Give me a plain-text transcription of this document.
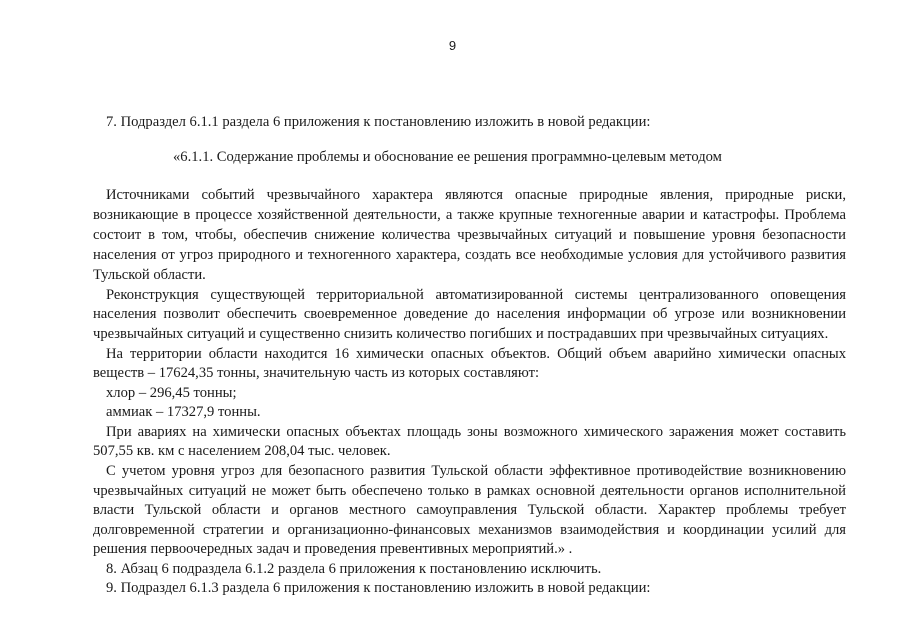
9
7. Подраздел 6.1.1 раздела 6 приложения к постановлению изложить в новой редакции:
«6.1.1. Содержание проблемы и обоснование ее решения программно-целевым методом
Источниками событий чрезвычайного характера являются опасные природные явления, природные риски,
возникающие в процессе хозяйственной деятельности, а также крупные техногенные аварии и катастрофы. Проблема
состоит в том, чтобы, обеспечив снижение количества чрезвычайных ситуаций и повышение уровня безопасности
населения от угроз природного и техногенного характера, создать все необходимые условия для устойчивого развития
Тульской области.
Реконструкция существующей территориальной автоматизированной системы централизованного оповещения
населения позволит обеспечить своевременное доведение до населения информации об угрозе или возникновении
чрезвычайных ситуаций и существенно снизить количество погибших и пострадавших при чрезвычайных ситуациях.
На территории области находится 16 химически опасных объектов. Общий объем аварийно химически опасных
веществ – 17624,35 тонны, значительную часть из которых составляют:
хлор – 296,45 тонны;
аммиак – 17327,9 тонны.
При авариях на химически опасных объектах площадь зоны возможного химического заражения может составить
507,55 кв. км с населением 208,04 тыс. человек.
С учетом уровня угроз для безопасного развития Тульской области эффективное противодействие возникновению
чрезвычайных ситуаций не может быть обеспечено только в рамках основной деятельности органов исполнительной
власти Тульской области и органов местного самоуправления Тульской области. Характер проблемы требует
долговременной стратегии и организационно-финансовых механизмов взаимодействия и координации усилий для
решения первоочередных задач и проведения превентивных мероприятий.» .
8. Абзац 6 подраздела 6.1.2 раздела 6 приложения к постановлению исключить.
9. Подраздел 6.1.3 раздела 6 приложения к постановлению изложить в новой редакции:
